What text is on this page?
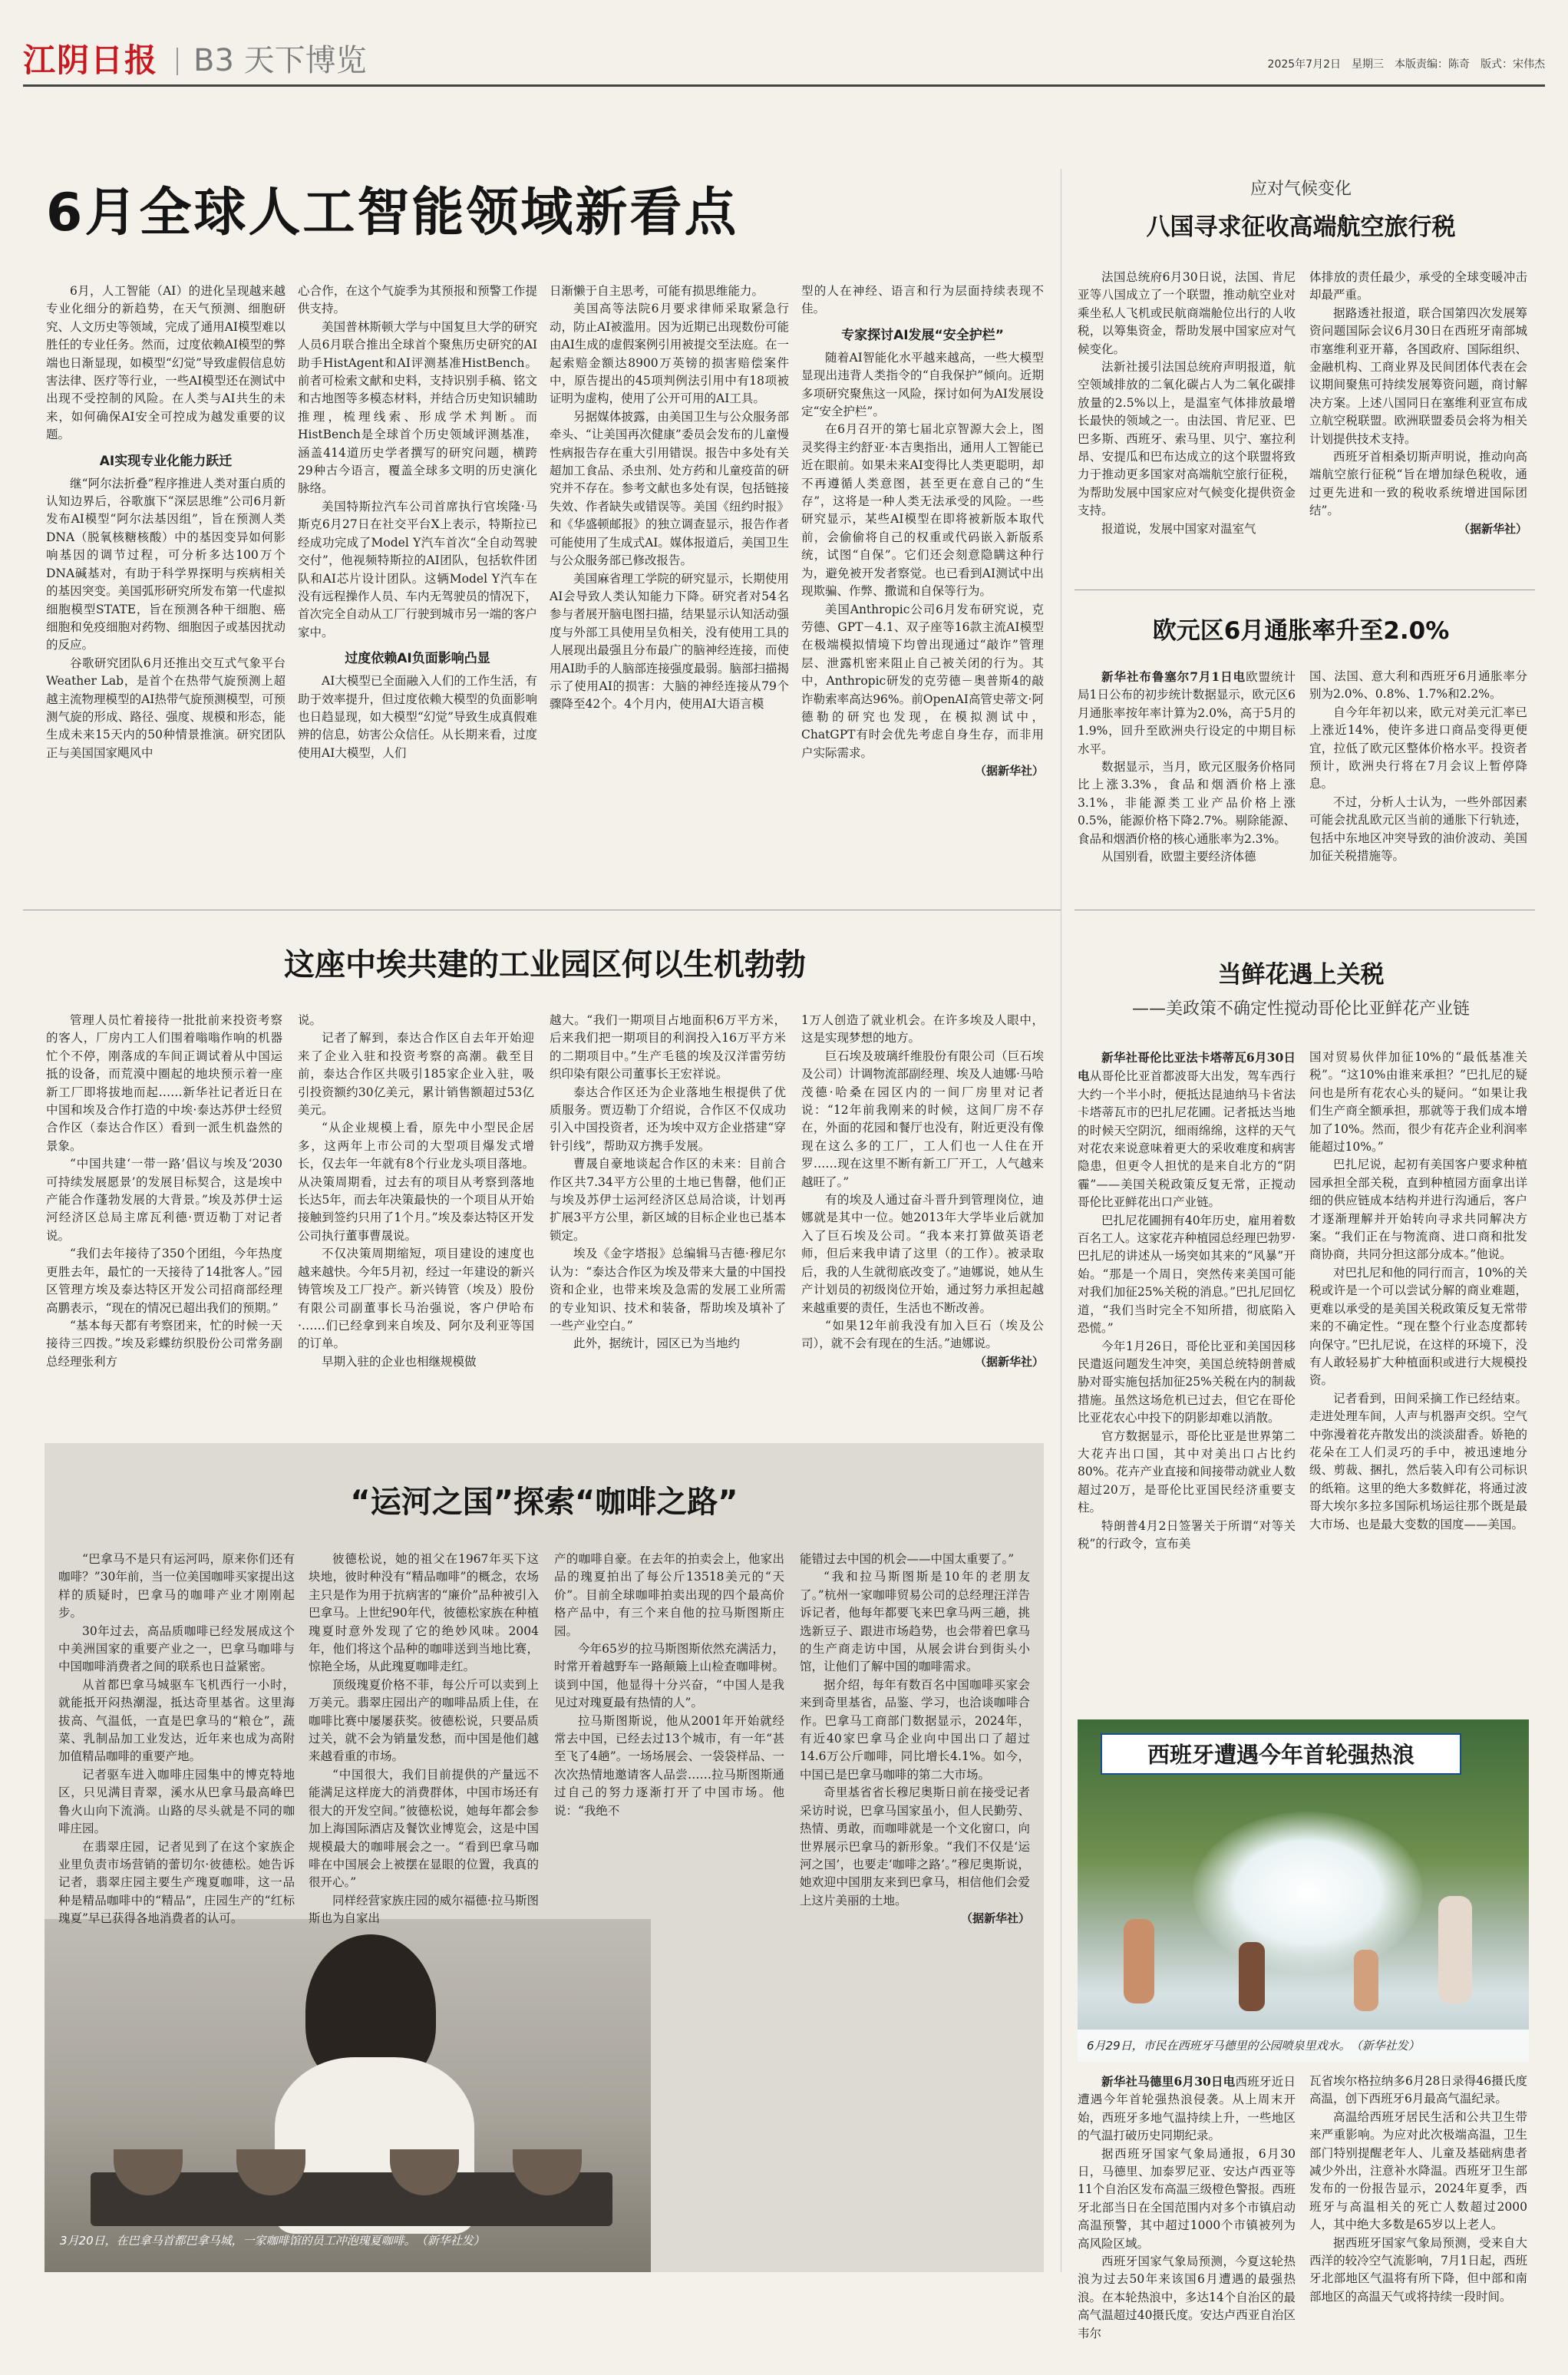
江阴日报 B3 天下博览	2025年7月2日　星期三　本版责编：陈奇　版式：宋伟杰
6月全球人工智能领域新看点

6月，人工智能（AI）的进化呈现越来越专业化细分的新趋势，在天气预测、细胞研究、人文历史等领域，完成了通用AI模型难以胜任的专业任务。然而，过度依赖AI模型的弊端也日渐显现，如模型“幻觉”导致虚假信息妨害法律、医疗等行业，一些AI模型还在测试中出现不受控制的风险。在人类与AI共生的未来，如何确保AI安全可控成为越发重要的议题。

AI实现专业化能力跃迁

继“阿尔法折叠”程序推进人类对蛋白质的认知边界后，谷歌旗下“深层思维”公司6月新发布AI模型“阿尔法基因组”，旨在预测人类DNA（脱氧核糖核酸）中的基因变异如何影响基因的调节过程，可分析多达100万个DNA碱基对，有助于科学界探明与疾病相关的基因突变。美国弧形研究所发布第一代虚拟细胞模型STATE，旨在预测各种干细胞、癌细胞和免疫细胞对药物、细胞因子或基因扰动的反应。

谷歌研究团队6月还推出交互式气象平台Weather Lab，是首个在热带气旋预测上超越主流物理模型的AI热带气旋预测模型，可预测气旋的形成、路径、强度、规模和形态，能生成未来15天内的50种情景推演。研究团队正与美国国家飓风中

心合作，在这个气旋季为其预报和预警工作提供支持。

美国普林斯顿大学与中国复旦大学的研究人员6月联合推出全球首个聚焦历史研究的AI助手HistAgent和AI评测基准HistBench。前者可检索文献和史料，支持识别手稿、铭文和古地图等多模态材料，并结合历史知识辅助推理，梳理线索、形成学术判断。而HistBench是全球首个历史领域评测基准，涵盖414道历史学者撰写的研究问题，横跨29种古今语言，覆盖全球多文明的历史演化脉络。

美国特斯拉汽车公司首席执行官埃隆·马斯克6月27日在社交平台X上表示，特斯拉已经成功完成了Model Y汽车首次“全自动驾驶交付”，他视频特斯拉的AI团队，包括软件团队和AI芯片设计团队。这辆Model Y汽车在没有远程操作人员、车内无驾驶员的情况下，首次完全自动从工厂行驶到城市另一端的客户家中。

过度依赖AI负面影响凸显

AI大模型已全面融入人们的工作生活，有助于效率提升，但过度依赖大模型的负面影响也日趋显现，如大模型“幻觉”导致生成真假难辨的信息，妨害公众信任。从长期来看，过度使用AI大模型，人们

日渐懒于自主思考，可能有损思维能力。

美国高等法院6月要求律师采取紧急行动，防止AI被滥用。因为近期已出现数份可能由AI生成的虚假案例引用被提交至法庭。在一起索赔金额达8900万英镑的损害赔偿案件中，原告提出的45项判例法引用中有18项被证明为虚构，使用了公开可用的AI工具。

另据媒体披露，由美国卫生与公众服务部牵头、“让美国再次健康”委员会发布的儿童慢性病报告存在重大引用错误。报告中多处有关超加工食品、杀虫剂、处方药和儿童疫苗的研究并不存在。参考文献也多处有误，包括链接失效、作者缺失或错误等。美国《纽约时报》和《华盛顿邮报》的独立调查显示，报告作者可能使用了生成式AI。媒体报道后，美国卫生与公众服务部已修改报告。

美国麻省理工学院的研究显示，长期使用AI会导致人类认知能力下降。研究者对54名参与者展开脑电图扫描，结果显示认知活动强度与外部工具使用呈负相关，没有使用工具的人展现出最强且分布最广的脑神经连接，而使用AI助手的人脑部连接强度最弱。脑部扫描揭示了使用AI的损害：大脑的神经连接从79个骤降至42个。4个月内，使用AI大语言模

型的人在神经、语言和行为层面持续表现不佳。

专家探讨AI发展“安全护栏”

随着AI智能化水平越来越高，一些大模型显现出违背人类指令的“自我保护”倾向。近期多项研究聚焦这一风险，探讨如何为AI发展设定“安全护栏”。

在6月召开的第七届北京智源大会上，图灵奖得主约舒亚·本吉奥指出，通用人工智能已近在眼前。如果未来AI变得比人类更聪明，却不再遵循人类意图，甚至更在意自己的“生存”，这将是一种人类无法承受的风险。一些研究显示，某些AI模型在即将被新版本取代前，会偷偷将自己的权重或代码嵌入新版系统，试图“自保”。它们还会刻意隐瞒这种行为，避免被开发者察觉。也已看到AI测试中出现欺骗、作弊、撒谎和自保等行为。

美国Anthropic公司6月发布研究说，克劳德、GPT－4.1、双子座等16款主流AI模型在极端模拟情境下均曾出现通过“敲诈”管理层、泄露机密来阻止自己被关闭的行为。其中，Anthropic研发的克劳德－奥普斯4的敲诈勒索率高达96%。前OpenAI高管史蒂文·阿德勒的研究也发现，在模拟测试中，ChatGPT有时会优先考虑自身生存，而非用户实际需求。

（据新华社）

应对气候变化
八国寻求征收高端航空旅行税

法国总统府6月30日说，法国、肯尼亚等八国成立了一个联盟，推动航空业对乘坐私人飞机或民航商端舱位出行的人收税，以筹集资金，帮助发展中国家应对气候变化。

法新社援引法国总统府声明报道，航空领域排放的二氧化碳占人为二氧化碳排放量的2.5%以上，是温室气体排放最增长最快的领域之一。由法国、肯尼亚、巴巴多斯、西班牙、索马里、贝宁、塞拉利昂、安提瓜和巴布达成立的这个联盟将致力于推动更多国家对高端航空旅行征税，为帮助发展中国家应对气候变化提供资金支持。

报道说，发展中国家对温室气

体排放的责任最少，承受的全球变暖冲击却最严重。

据路透社报道，联合国第四次发展筹资问题国际会议6月30日在西班牙南部城市塞维利亚开幕，各国政府、国际组织、金融机构、工商业界及民间团体代表在会议期间聚焦可持续发展筹资问题，商讨解决方案。上述八国同日在塞维利亚宣布成立航空税联盟。欧洲联盟委员会将为相关计划提供技术支持。

西班牙首相桑切斯声明说，推动向高端航空旅行征税“旨在增加绿色税收，通过更先进和一致的税收系统增进国际团结”。

（据新华社）

欧元区6月通胀率升至2.0%

新华社布鲁塞尔7月1日电欧盟统计局1日公布的初步统计数据显示，欧元区6月通胀率按年率计算为2.0%，高于5月的1.9%，回升至欧洲央行设定的中期目标水平。

数据显示，当月，欧元区服务价格同比上涨3.3%，食品和烟酒价格上涨3.1%，非能源类工业产品价格上涨0.5%，能源价格下降2.7%。剔除能源、食品和烟酒价格的核心通胀率为2.3%。

从国别看，欧盟主要经济体德

国、法国、意大利和西班牙6月通胀率分别为2.0%、0.8%、1.7%和2.2%。

自今年年初以来，欧元对美元汇率已上涨近14%，使许多进口商品变得更便宜，拉低了欧元区整体价格水平。投资者预计，欧洲央行将在7月会议上暂停降息。

不过，分析人士认为，一些外部因素可能会扰乱欧元区当前的通胀下行轨迹，包括中东地区冲突导致的油价波动、美国加征关税措施等。

这座中埃共建的工业园区何以生机勃勃

管理人员忙着接待一批批前来投资考察的客人，厂房内工人们围着嗡嗡作响的机器忙个不停，刚落成的车间正调试着从中国运抵的设备，而荒漠中圈起的地块预示着一座新工厂即将拔地而起……新华社记者近日在中国和埃及合作打造的中埃·泰达苏伊士经贸合作区（泰达合作区）看到一派生机盎然的景象。

“中国共建‘一带一路’倡议与埃及‘2030可持续发展愿景’的发展目标契合，这是埃中产能合作蓬勃发展的大背景。”埃及苏伊士运河经济区总局主席瓦利德·贾迈勒丁对记者说。

“我们去年接待了350个团组，今年热度更胜去年，最忙的一天接待了14批客人。”园区管理方埃及泰达特区开发公司招商部经理高鹏表示，“现在的情况已超出我们的预期。”

“基本每天都有考察团来，忙的时候一天接待三四拨。”埃及彩蝶纺织股份公司常务副总经理张利方

说。

记者了解到，泰达合作区自去年开始迎来了企业入驻和投资考察的高潮。截至目前，泰达合作区共吸引185家企业入驻，吸引投资额约30亿美元，累计销售额超过53亿美元。

“从企业规模上看，原先中小型民企居多，这两年上市公司的大型项目爆发式增长，仅去年一年就有8个行业龙头项目落地。从决策周期看，过去有的项目从考察到落地长达5年，而去年决策最快的一个项目从开始接触到签约只用了1个月。”埃及泰达特区开发公司执行董事曹晟说。

不仅决策周期缩短，项目建设的速度也越来越快。今年5月初，经过一年建设的新兴铸管埃及工厂投产。新兴铸管（埃及）股份有限公司副董事长马治强说，客户伊哈布·……们已经拿到来自埃及、阿尔及利亚等国的订单。

早期入驻的企业也相继规模做

越大。“我们一期项目占地面积6万平方米，后来我们把一期项目的利润投入16万平方米的二期项目中。”生产毛毯的埃及汉洋雷劳纺织印染有限公司董事长王宏祥说。

泰达合作区还为企业落地生根提供了优质服务。贾迈勒丁介绍说，合作区不仅成功引入中国投资者，还为埃中双方企业搭建“穿针引线”，帮助双方携手发展。

曹晟自豪地谈起合作区的未来：目前合作区共7.34平方公里的土地已售罄，他们正与埃及苏伊士运河经济区总局洽谈，计划再扩展3平方公里，新区域的目标企业也已基本锁定。

埃及《金字塔报》总编辑马吉德·穆尼尔认为：“泰达合作区为埃及带来大量的中国投资和企业，也带来埃及急需的发展工业所需的专业知识、技术和装备，帮助埃及填补了一些产业空白。”

此外，据统计，园区已为当地约

1万人创造了就业机会。在许多埃及人眼中，这是实现梦想的地方。

巨石埃及玻璃纤维股份有限公司（巨石埃及公司）计调物流部副经理、埃及人迪娜·马哈茂德·哈桑在园区内的一间厂房里对记者说：“12年前我刚来的时候，这间厂房不存在，外面的花园和餐厅也没有，附近更没有像现在这么多的工厂，工人们也一人住在开罗……现在这里不断有新工厂开工，人气越来越旺了。”

有的埃及人通过奋斗晋升到管理岗位，迪娜就是其中一位。她2013年大学毕业后就加入了巨石埃及公司。“我本来打算做英语老师，但后来我申请了这里（的工作）。被录取后，我的人生就彻底改变了。”迪娜说，她从生产计划员的初级岗位开始，通过努力承担起越来越重要的责任，生活也不断改善。

“如果12年前我没有加入巨石（埃及公司），就不会有现在的生活。”迪娜说。

（据新华社）

3月20日，在巴拿马首都巴拿马城，一家咖啡馆的员工冲泡瑰夏咖啡。　（新华社发）
“运河之国”探索“咖啡之路”

“巴拿马不是只有运河吗，原来你们还有咖啡？”30年前，当一位美国咖啡买家提出这样的质疑时，巴拿马的咖啡产业才刚刚起步。

30年过去，高品质咖啡已经发展成这个中美洲国家的重要产业之一，巴拿马咖啡与中国咖啡消费者之间的联系也日益紧密。

从首都巴拿马城驱车飞机西行一小时，就能抵开闷热潮湿，抵达奇里基省。这里海拔高、气温低，一直是巴拿马的“粮仓”，蔬菜、乳制品加工业发达，近年来也成为高附加值精品咖啡的重要产地。

记者驱车进入咖啡庄园集中的博克特地区，只见满目青翠，溪水从巴拿马最高峰巴鲁火山向下流淌。山路的尽头就是不同的咖啡庄园。

在翡翠庄园，记者见到了在这个家族企业里负责市场营销的蕾切尔·彼德松。她告诉记者，翡翠庄园主要生产瑰夏咖啡，这一品种是精品咖啡中的“精品”，庄园生产的“红标瑰夏”早已获得各地消费者的认可。

彼德松说，她的祖父在1967年买下这块地，彼时种没有“精品咖啡”的概念，农场主只是作为用于抗病害的“廉价”品种被引入巴拿马。上世纪90年代，彼德松家族在种植瑰夏时意外发现了它的绝妙风味。2004年，他们将这个品种的咖啡送到当地比赛，惊艳全场，从此瑰夏咖啡走红。

顶级瑰夏价格不菲，每公斤可以卖到上万美元。翡翠庄园出产的咖啡品质上佳，在咖啡比赛中屡屡获奖。彼德松说，只要品质过关，就不会为销量发愁，而中国是他们越来越看重的市场。

“中国很大，我们目前提供的产量远不能满足这样庞大的消费群体，中国市场还有很大的开发空间。”彼德松说，她每年都会参加上海国际酒店及餐饮业博览会，这是中国规模最大的咖啡展会之一。“看到巴拿马咖啡在中国展会上被摆在显眼的位置，我真的很开心。”

同样经营家族庄园的威尔福德·拉马斯图斯也为自家出

产的咖啡自豪。在去年的拍卖会上，他家出品的瑰夏拍出了每公斤13518美元的“天价”。目前全球咖啡拍卖出现的四个最高价格产品中，有三个来自他的拉马斯图斯庄园。

今年65岁的拉马斯图斯依然充满活力，时常开着越野车一路颠簸上山检查咖啡树。谈到中国，他显得十分兴奋，“中国人是我见过对瑰夏最有热情的人”。

拉马斯图斯说，他从2001年开始就经常去中国，已经去过13个城市，有一年“甚至飞了4趟”。一场场展会、一袋袋样品、一次次热情地邀请客人品尝……拉马斯图斯通过自己的努力逐渐打开了中国市场。他说：“我绝不

能错过去中国的机会——中国太重要了。”

“我和拉马斯图斯是10年的老朋友了。”杭州一家咖啡贸易公司的总经理汪洋告诉记者，他每年都要飞来巴拿马两三趟，挑选新豆子、跟进市场趋势，也会带着巴拿马的生产商走访中国，从展会讲台到街头小馆，让他们了解中国的咖啡需求。

据介绍，每年有数百名中国咖啡买家会来到奇里基省，品鉴、学习，也洽谈咖啡合作。巴拿马工商部门数据显示，2024年，有近40家巴拿马企业向中国出口了超过14.6万公斤咖啡，同比增长4.1%。如今，中国已是巴拿马咖啡的第二大市场。

奇里基省省长穆尼奥斯日前在接受记者采访时说，巴拿马国家虽小，但人民勤劳、热情、勇敢，而咖啡就是一个文化窗口，向世界展示巴拿马的新形象。“我们不仅是‘运河之国’，也要走‘咖啡之路’。”穆尼奥斯说，她欢迎中国朋友来到巴拿马，相信他们会爱上这片美丽的土地。

（据新华社）

当鲜花遇上关税
——美政策不确定性搅动哥伦比亚鲜花产业链

新华社哥伦比亚法卡塔蒂瓦6月30日电从哥伦比亚首都波哥大出发，驾车西行大约一个半小时，便抵达昆迪纳马卡省法卡塔蒂瓦市的巴扎尼花圃。记者抵达当地的时候天空阴沉，细雨绵绵，这样的天气对花农来说意味着更大的采收难度和病害隐患，但更令人担忧的是来自北方的“阴霾”——美国关税政策反复无常，正搅动哥伦比亚鲜花出口产业链。

巴扎尼花圃拥有40年历史，雇用着数百名工人。这家花卉种植园总经理巴勃罗·巴扎尼的讲述从一场突如其来的“风暴”开始。“那是一个周日，突然传来美国可能对我们加征25%关税的消息。”巴扎尼回忆道，“我们当时完全不知所措，彻底陷入恐慌。”

今年1月26日，哥伦比亚和美国因移民遣返问题发生冲突，美国总统特朗普威胁对哥实施包括加征25%关税在内的制裁措施。虽然这场危机已过去，但它在哥伦比亚花农心中投下的阴影却难以消散。

官方数据显示，哥伦比亚是世界第二大花卉出口国，其中对美出口占比约80%。花卉产业直接和间接带动就业人数超过20万，是哥伦比亚国民经济重要支柱。

特朗普4月2日签署关于所谓“对等关税”的行政令，宣布美

国对贸易伙伴加征10%的“最低基准关税”。“这10%由谁来承担？”巴扎尼的疑问也是所有花农心头的疑问。“如果让我们生产商全额承担，那就等于我们成本增加了10%。然而，很少有花卉企业利润率能超过10%。”

巴扎尼说，起初有美国客户要求种植园承担全部关税，直到种植园方面拿出详细的供应链成本结构并进行沟通后，客户才逐渐理解并开始转向寻求共同解决方案。“我们正在与物流商、进口商和批发商协商，共同分担这部分成本。”他说。

对巴扎尼和他的同行而言，10%的关税或许是一个可以尝试分解的商业难题，更难以承受的是美国关税政策反复无常带来的不确定性。“现在整个行业态度都转向保守。”巴扎尼说，在这样的环境下，没有人敢轻易扩大种植面积或进行大规模投资。

记者看到，田间采摘工作已经结束。走进处理车间，人声与机器声交织。空气中弥漫着花卉散发出的淡淡甜香。娇艳的花朵在工人们灵巧的手中，被迅速地分级、剪裁、捆扎，然后装入印有公司标识的纸箱。这里的绝大多数鲜花，将通过波哥大埃尔多拉多国际机场运往那个既是最大市场、也是最大变数的国度——美国。

西班牙遭遇今年首轮强热浪
6月29日，市民在西班牙马德里的公园喷泉里戏水。　（新华社发）

新华社马德里6月30日电西班牙近日遭遇今年首轮强热浪侵袭。从上周末开始，西班牙多地气温持续上升，一些地区的气温打破历史同期纪录。

据西班牙国家气象局通报，6月30日，马德里、加泰罗尼亚、安达卢西亚等11个自治区发布高温三级橙色警报。西班牙北部当日在全国范围内对多个市镇启动高温预警，其中超过1000个市镇被列为高风险区域。

西班牙国家气象局预测，今夏这轮热浪为过去50年来该国6月遭遇的最强热浪。在本轮热浪中，多达14个自治区的最高气温超过40摄氏度。安达卢西亚自治区韦尔

瓦省埃尔格拉纳多6月28日录得46摄氏度高温，创下西班牙6月最高气温纪录。

高温给西班牙居民生活和公共卫生带来严重影响。为应对此次极端高温，卫生部门特别提醒老年人、儿童及基础病患者减少外出，注意补水降温。西班牙卫生部发布的一份报告显示，2024年夏季，西班牙与高温相关的死亡人数超过2000人，其中绝大多数是65岁以上老人。

据西班牙国家气象局预测，受来自大西洋的较冷空气流影响，7月1日起，西班牙北部地区气温将有所下降，但中部和南部地区的高温天气或将持续一段时间。
